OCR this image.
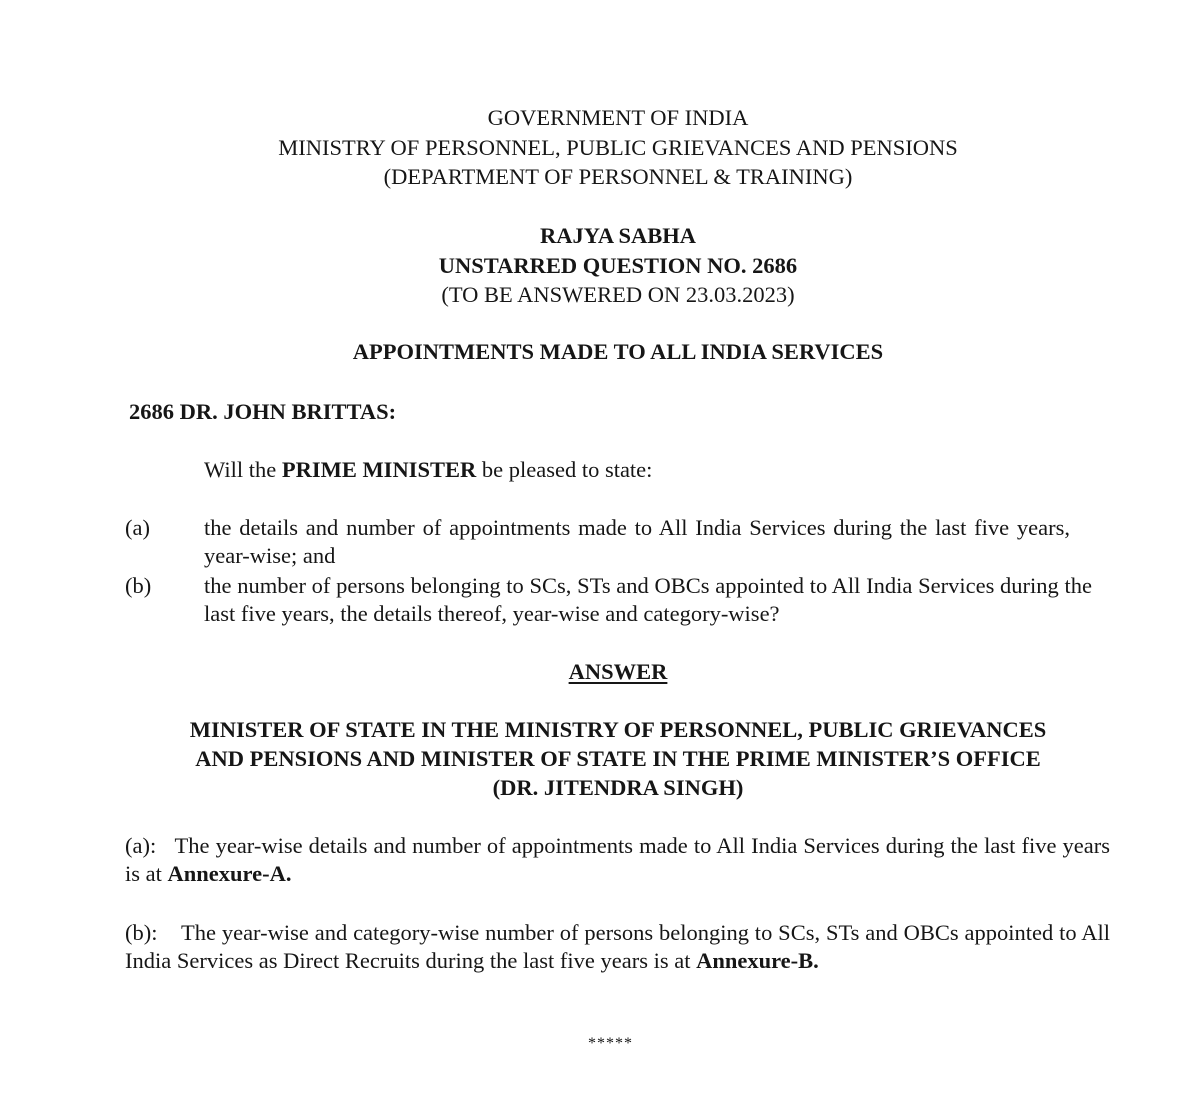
GOVERNMENT OF INDIA
MINISTRY OF PERSONNEL, PUBLIC GRIEVANCES AND PENSIONS
(DEPARTMENT OF PERSONNEL & TRAINING)
RAJYA SABHA
UNSTARRED QUESTION NO. 2686
(TO BE ANSWERED ON 23.03.2023)
APPOINTMENTS MADE TO ALL INDIA SERVICES
2686 DR. JOHN BRITTAS:
Will the PRIME MINISTER be pleased to state:
(a) the details and number of appointments made to All India Services during the last five years, year-wise; and
(b) the number of persons belonging to SCs, STs and OBCs appointed to All India Services during the last five years, the details thereof, year-wise and category-wise?
ANSWER
MINISTER OF STATE IN THE MINISTRY OF PERSONNEL, PUBLIC GRIEVANCES
AND PENSIONS AND MINISTER OF STATE IN THE PRIME MINISTER’S OFFICE
(DR. JITENDRA SINGH)
(a): The year-wise details and number of appointments made to All India Services during the last five years is at Annexure-A.
(b): The year-wise and category-wise number of persons belonging to SCs, STs and OBCs appointed to All India Services as Direct Recruits during the last five years is at Annexure-B.
*****
